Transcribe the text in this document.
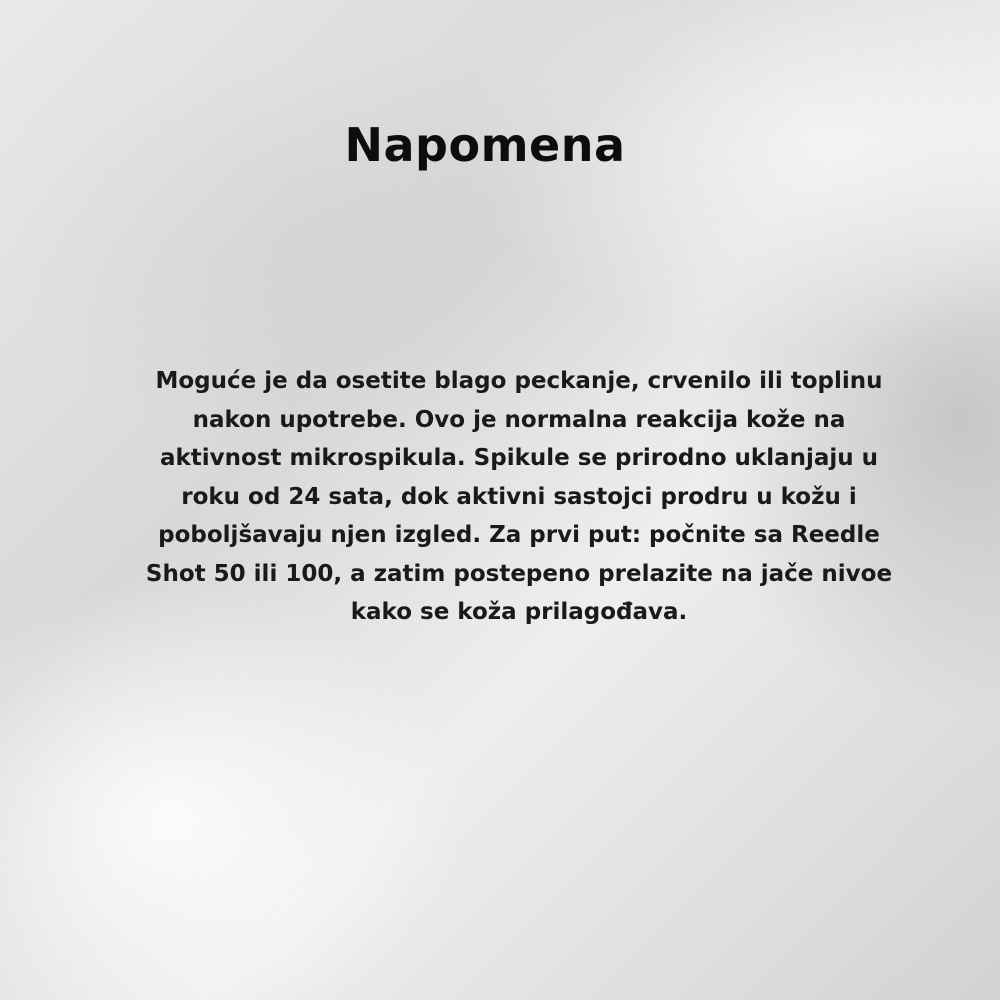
Napomena

Moguće je da osetite blago peckanje, crvenilo ili toplinu nakon upotrebe. Ovo je normalna reakcija kože na aktivnost mikrospikula. Spikule se prirodno uklanjaju u roku od 24 sata, dok aktivni sastojci prodru u kožu i poboljšavaju njen izgled. Za prvi put: počnite sa Reedle Shot 50 ili 100, a zatim postepeno prelazite na jače nivoe kako se koža prilagođava.
